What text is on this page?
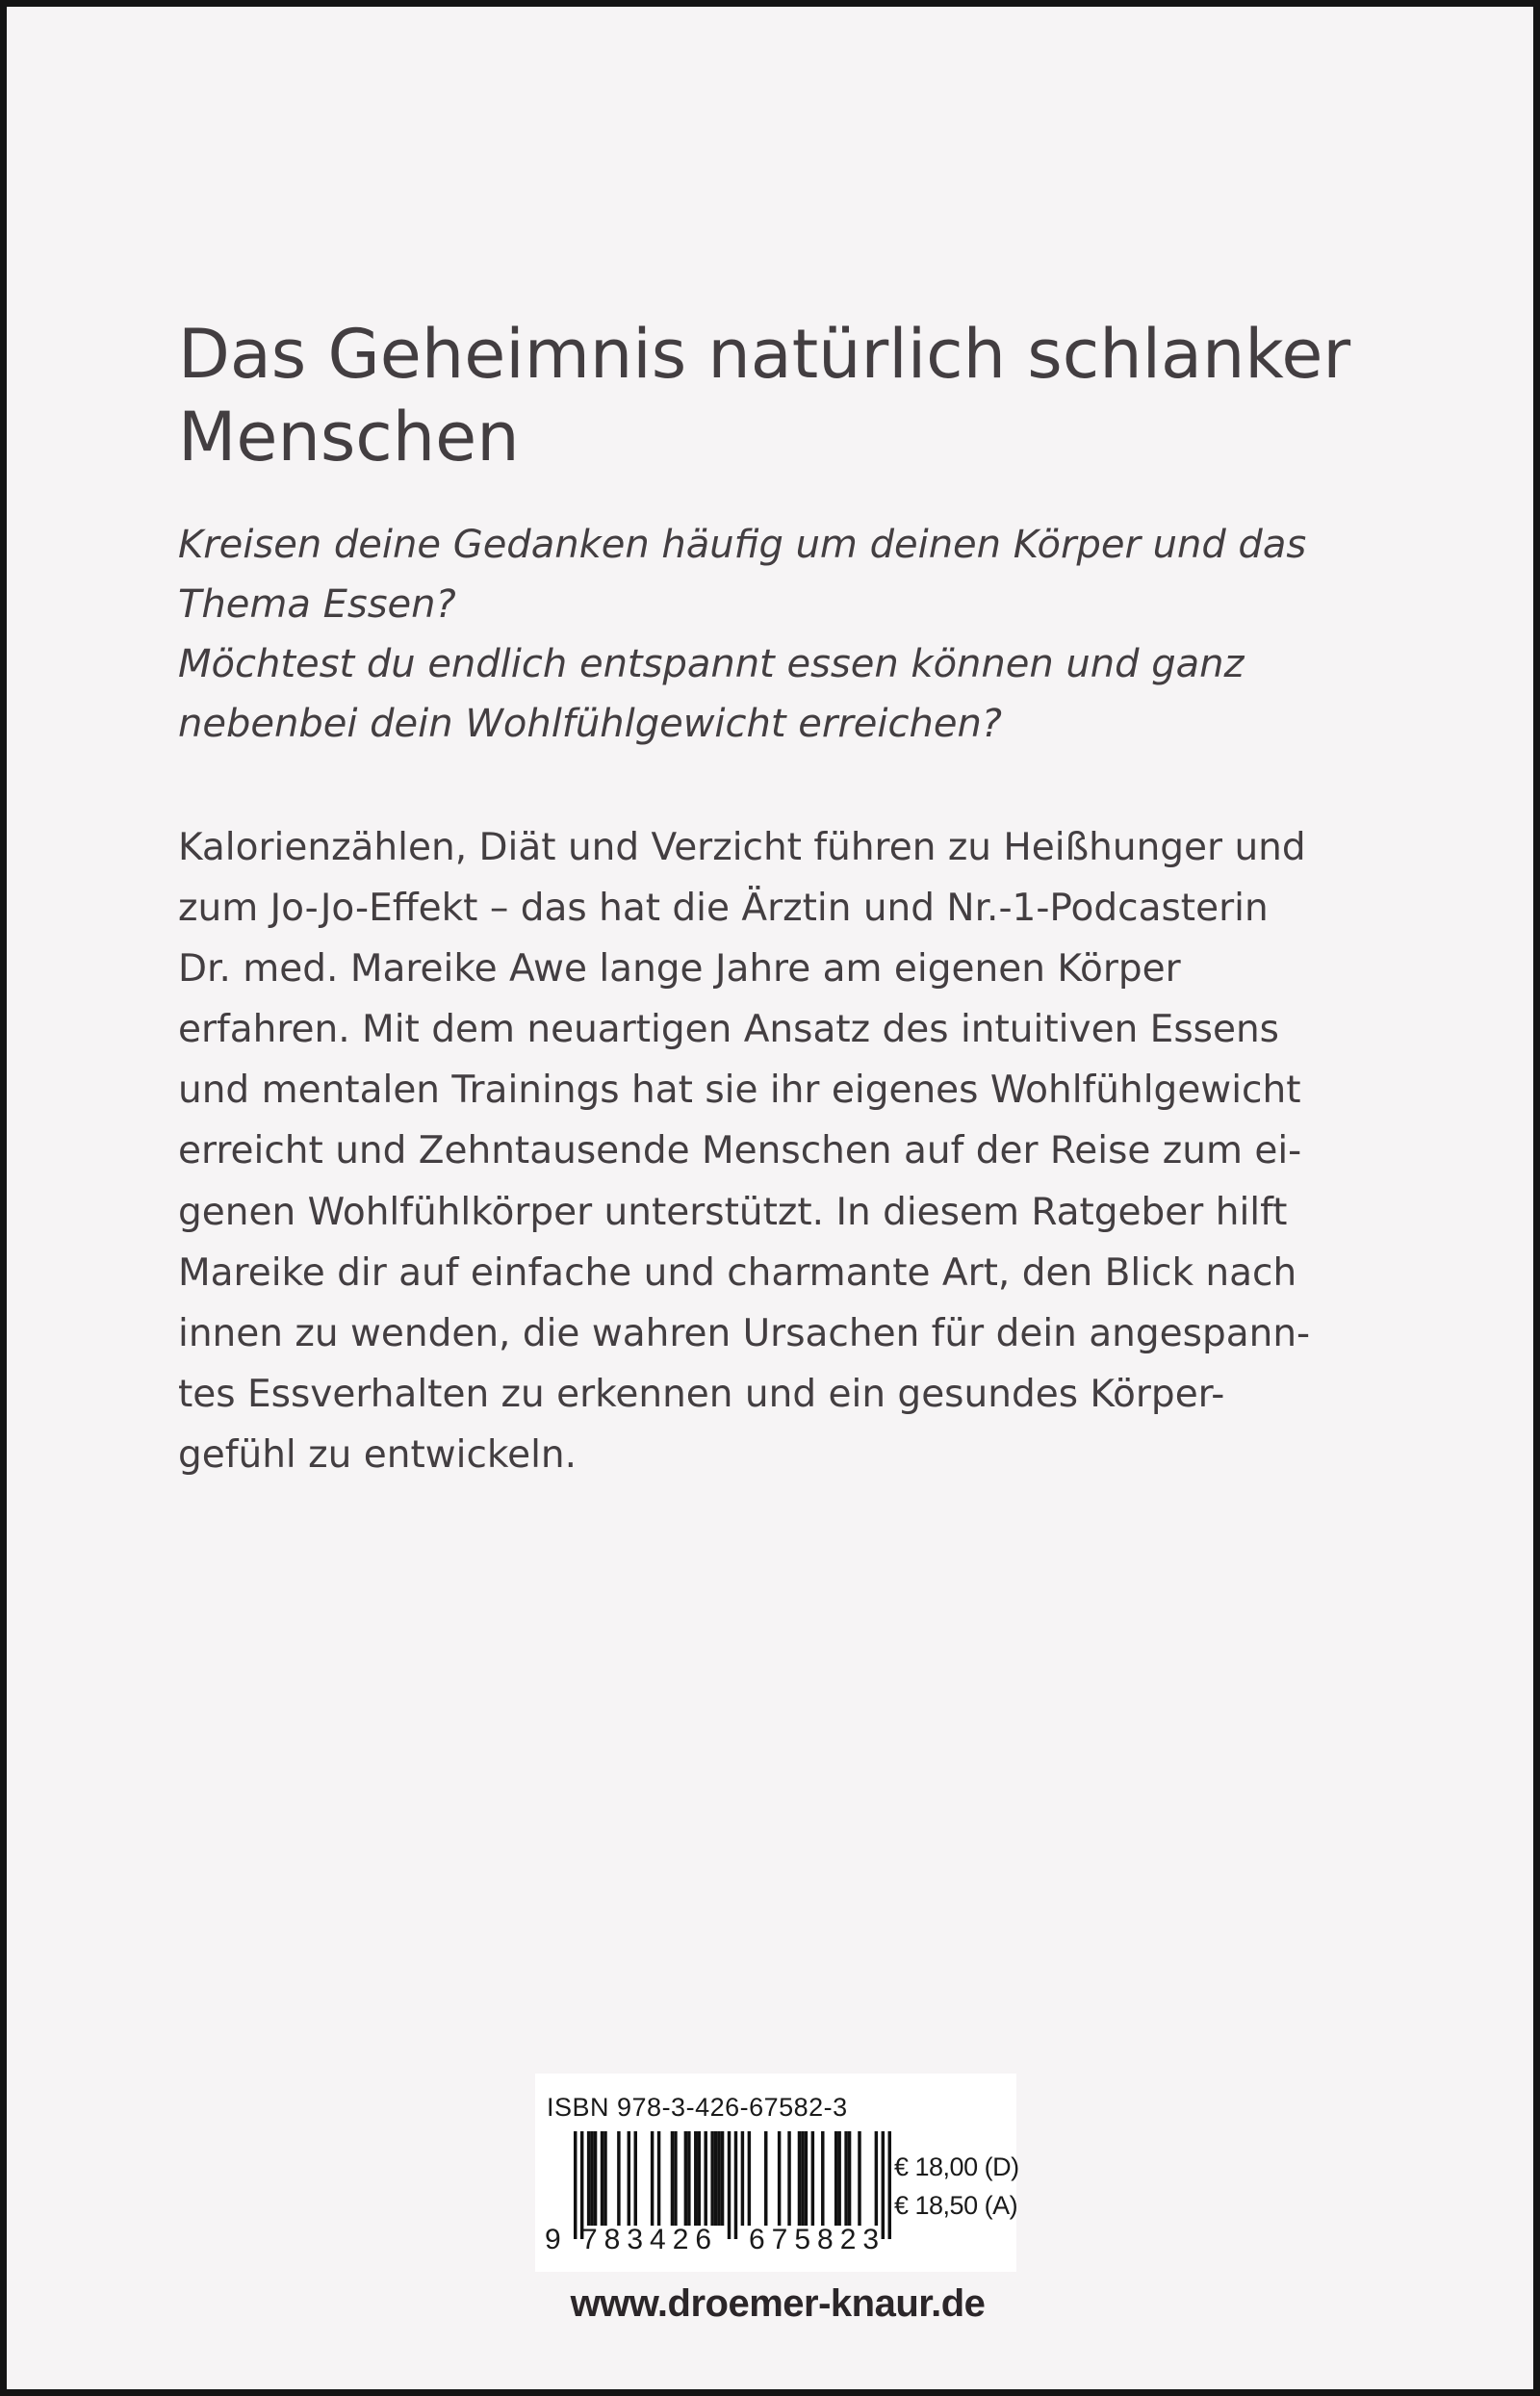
Das Geheimnis natürlich schlanker
Menschen
Kreisen deine Gedanken häufig um deinen Körper und das
Thema Essen?
Möchtest du endlich entspannt essen können und ganz
nebenbei dein Wohlfühlgewicht erreichen?
Kalorienzählen, Diät und Verzicht führen zu Heißhunger und
zum Jo-Jo-Effekt – das hat die Ärztin und Nr.-1-Podcasterin
Dr. med. Mareike Awe lange Jahre am eigenen Körper
erfahren. Mit dem neuartigen Ansatz des intuitiven Essens
und mentalen Trainings hat sie ihr eigenes Wohlfühlgewicht
erreicht und Zehntausende Menschen auf der Reise zum ei-
genen Wohlfühlkörper unterstützt. In diesem Ratgeber hilft
Mareike dir auf einfache und charmante Art, den Blick nach
innen zu wenden, die wahren Ursachen für dein angespann-
tes Essverhalten zu erkennen und ein gesundes Körper-
gefühl zu entwickeln.
ISBN 978-3-426-67582-3
9 783426 675823
€ 18,00 (D)
€ 18,50 (A)
www.droemer-knaur.de
